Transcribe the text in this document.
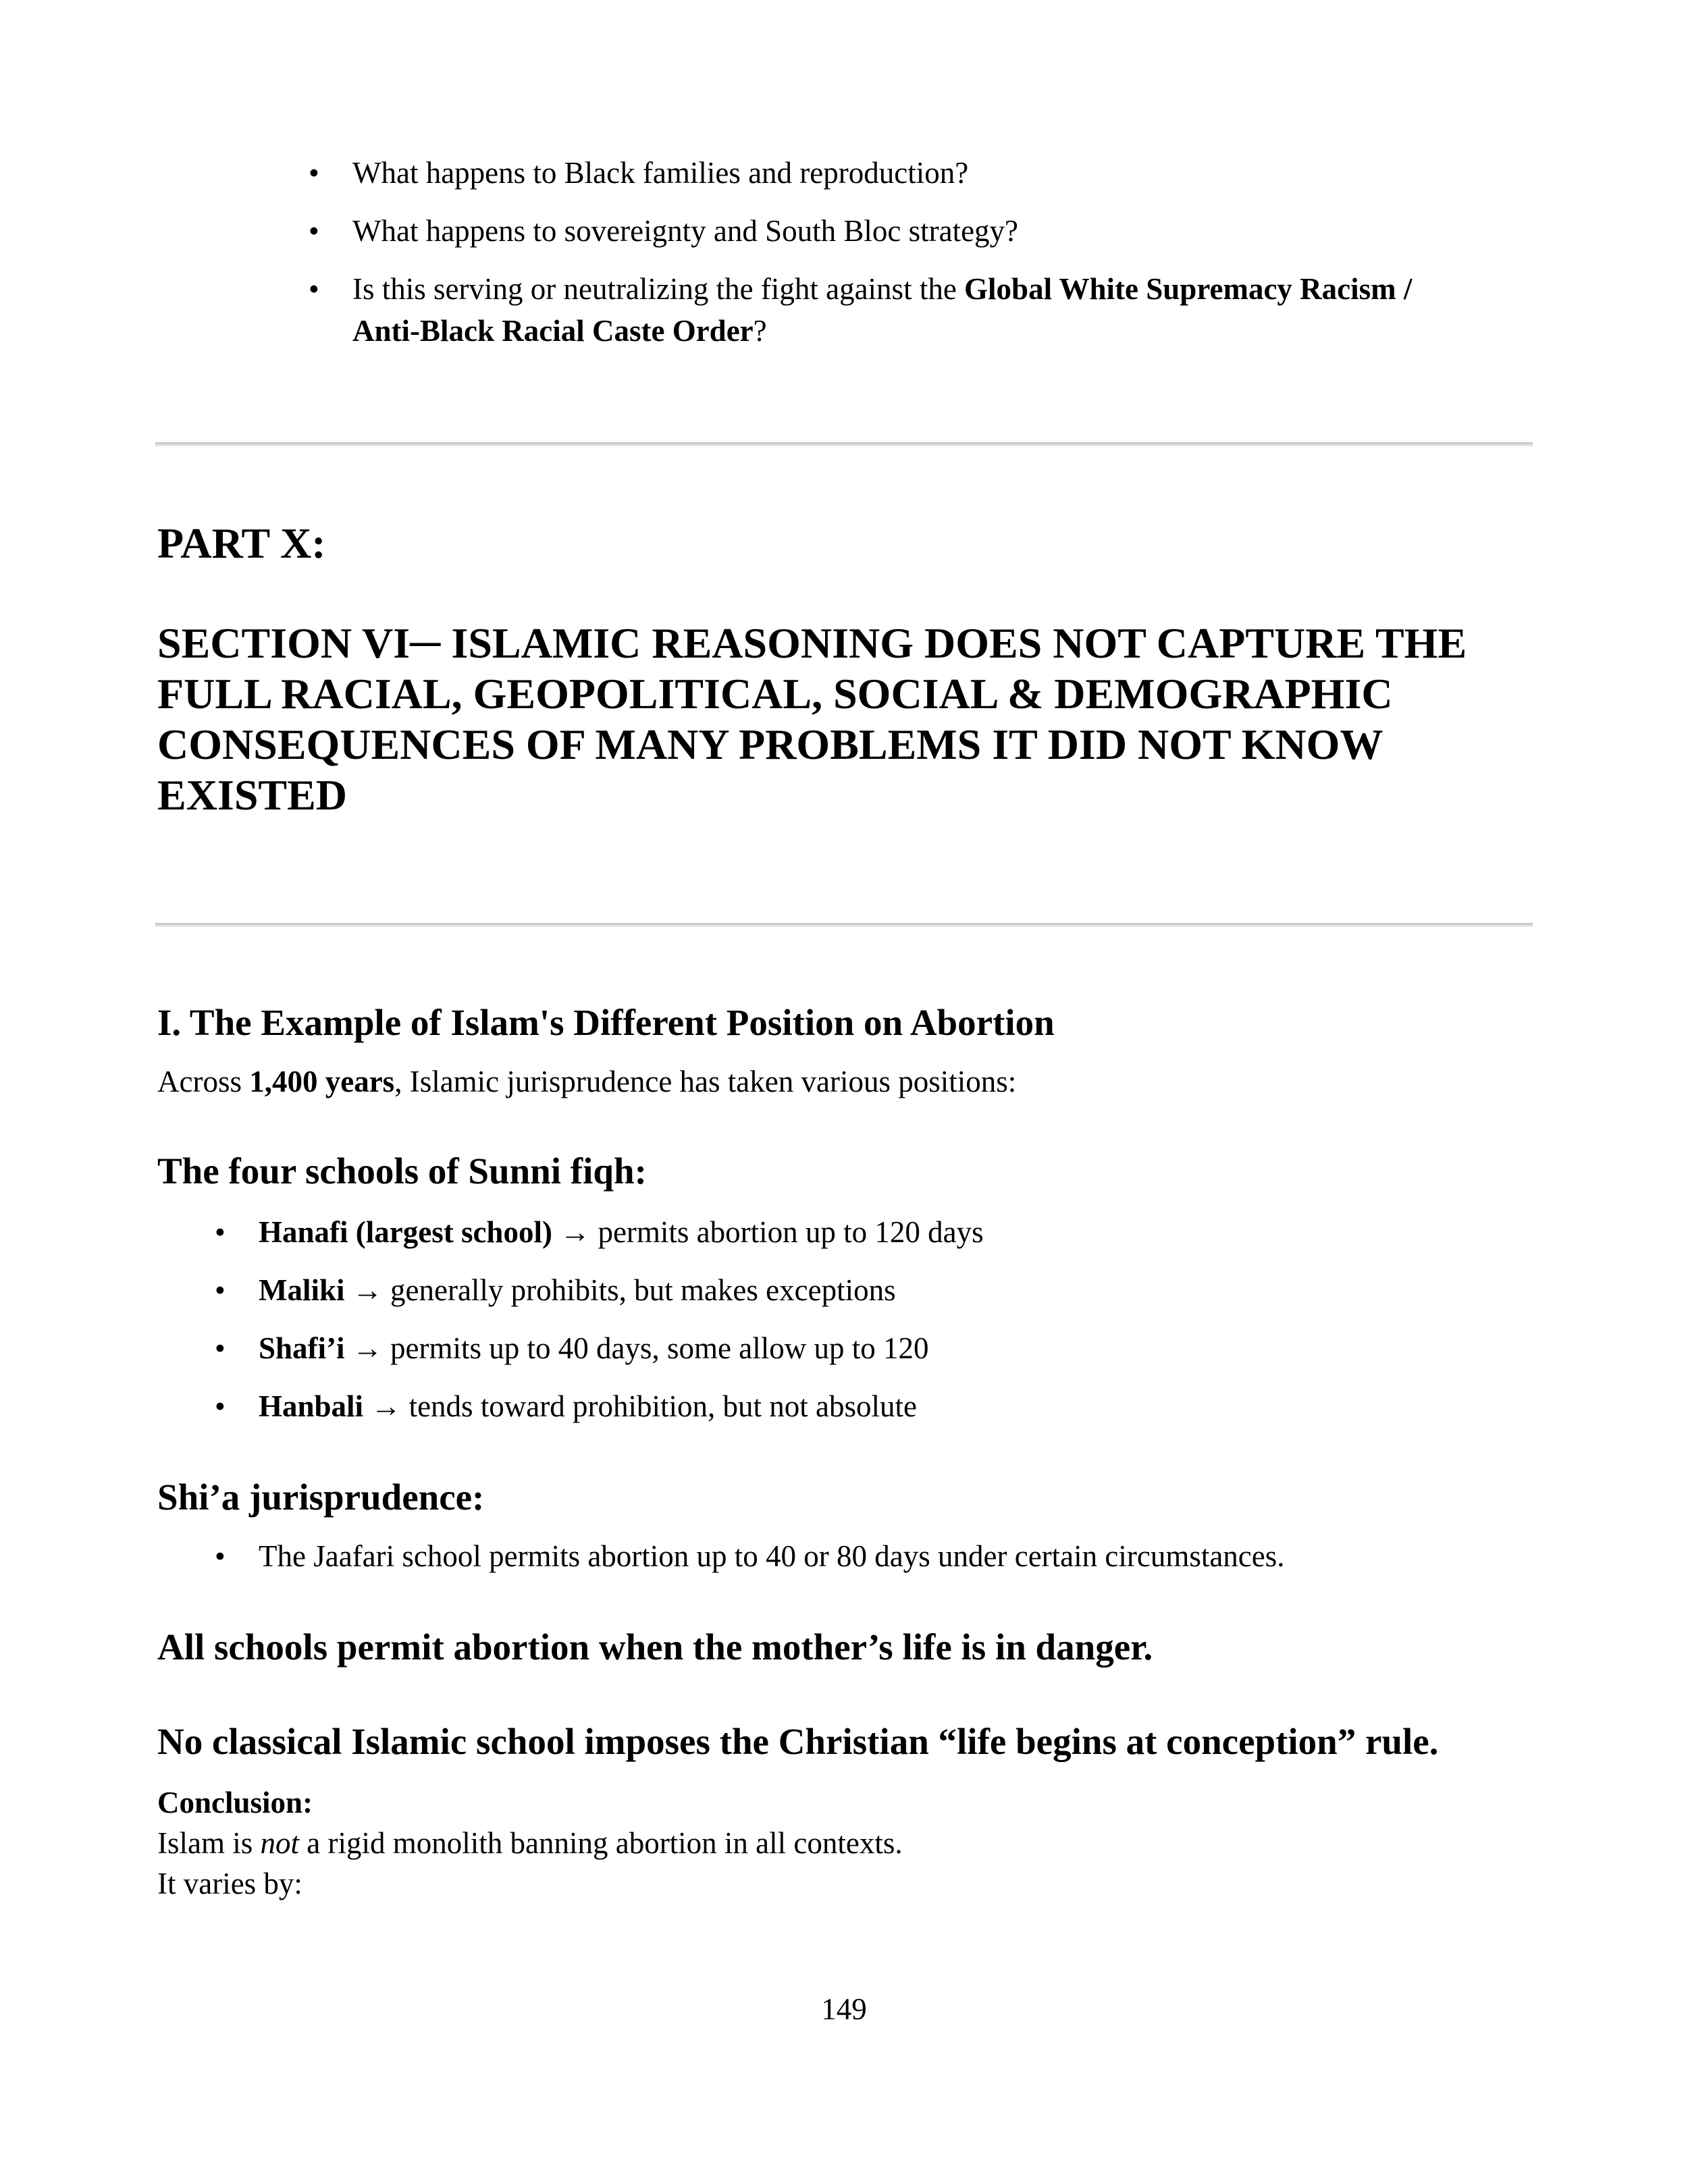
• What happens to Black families and reproduction?
• What happens to sovereignty and South Bloc strategy?
• Is this serving or neutralizing the fight against the Global White Supremacy Racism /
Anti-Black Racial Caste Order?
PART X:
SECTION VI─ ISLAMIC REASONING DOES NOT CAPTURE THE
FULL RACIAL, GEOPOLITICAL, SOCIAL & DEMOGRAPHIC
CONSEQUENCES OF MANY PROBLEMS IT DID NOT KNOW
EXISTED
I. The Example of Islam's Different Position on Abortion
Across 1,400 years, Islamic jurisprudence has taken various positions:
The four schools of Sunni fiqh:
• Hanafi (largest school) → permits abortion up to 120 days
• Maliki → generally prohibits, but makes exceptions
• Shafi’i → permits up to 40 days, some allow up to 120
• Hanbali → tends toward prohibition, but not absolute
Shi’a jurisprudence:
• The Jaafari school permits abortion up to 40 or 80 days under certain circumstances.
All schools permit abortion when the mother’s life is in danger.
No classical Islamic school imposes the Christian “life begins at conception” rule.
Conclusion:
Islam is not a rigid monolith banning abortion in all contexts.
It varies by:
149
